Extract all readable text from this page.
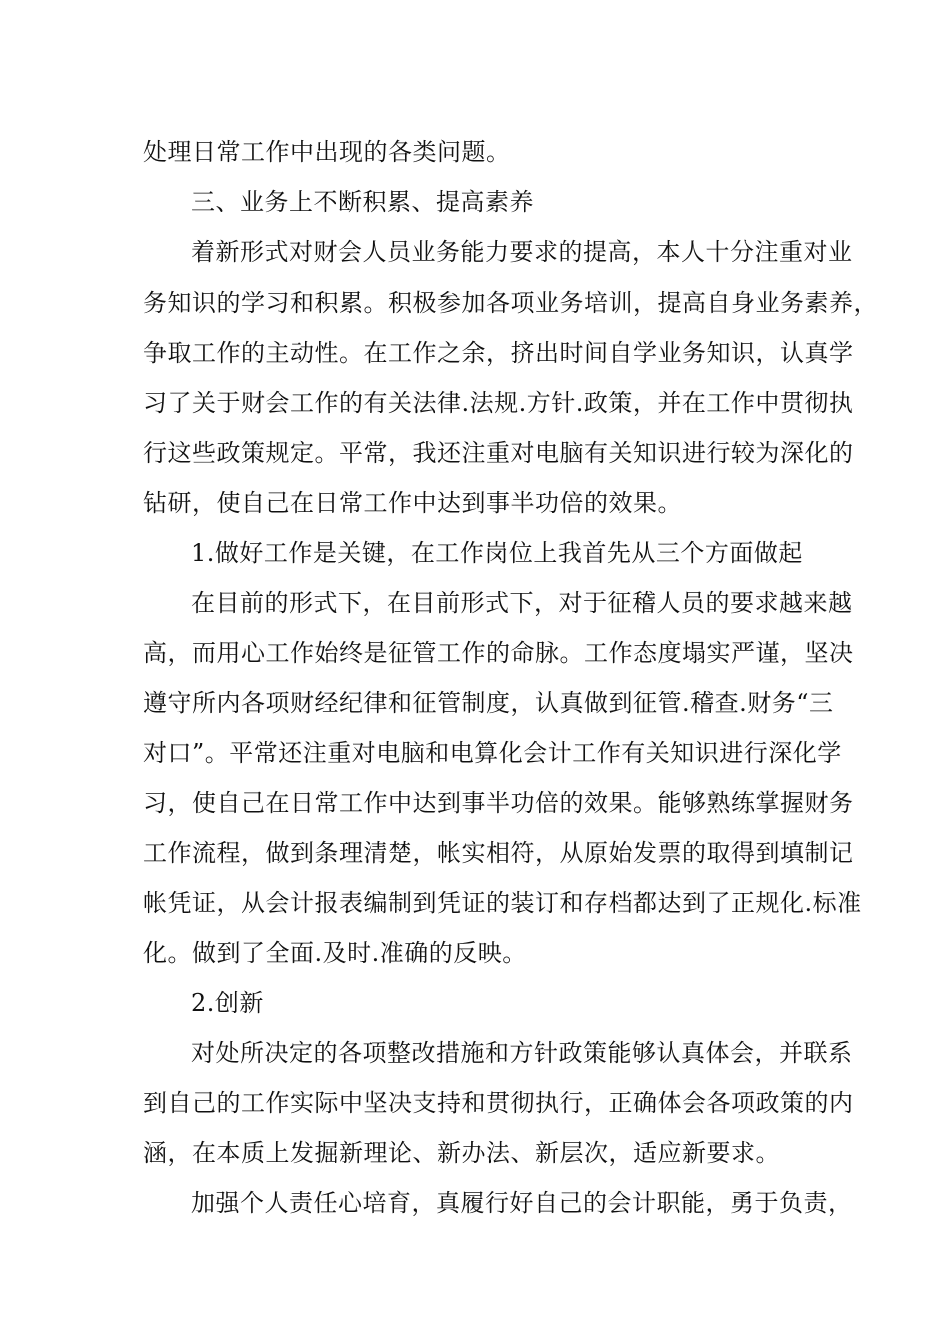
处理日常工作中出现的各类问题。
三、业务上不断积累、提高素养
着新形式对财会人员业务能力要求的提高，本人十分注重对业
务知识的学习和积累。积极参加各项业务培训，提高自身业务素养，
争取工作的主动性。在工作之余，挤出时间自学业务知识，认真学
习了关于财会工作的有关法律.法规.方针.政策，并在工作中贯彻执
行这些政策规定。平常，我还注重对电脑有关知识进行较为深化的
钻研，使自己在日常工作中达到事半功倍的效果。
1.做好工作是关键，在工作岗位上我首先从三个方面做起
在目前的形式下，在目前形式下，对于征稽人员的要求越来越
高，而用心工作始终是征管工作的命脉。工作态度塌实严谨，坚决
遵守所内各项财经纪律和征管制度，认真做到征管.稽查.财务“三
对口”。平常还注重对电脑和电算化会计工作有关知识进行深化学
习，使自己在日常工作中达到事半功倍的效果。能够熟练掌握财务
工作流程，做到条理清楚，帐实相符，从原始发票的取得到填制记
帐凭证，从会计报表编制到凭证的装订和存档都达到了正规化.标准
化。做到了全面.及时.准确的反映。
2.创新
对处所决定的各项整改措施和方针政策能够认真体会，并联系
到自己的工作实际中坚决支持和贯彻执行，正确体会各项政策的内
涵，在本质上发掘新理论、新办法、新层次，适应新要求。
加强个人责任心培育，真履行好自己的会计职能，勇于负责，
